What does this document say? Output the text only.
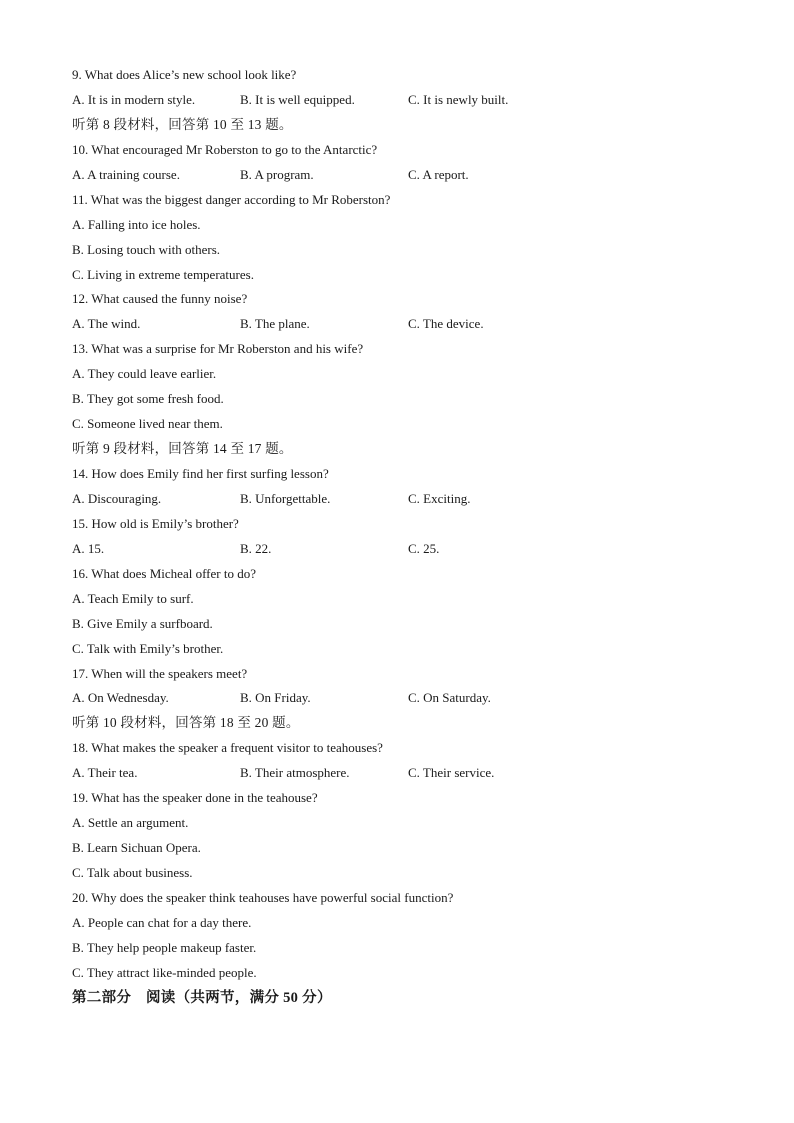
9. What does Alice’s new school look like?
A. It is in modern style.	B. It is well equipped.	C. It is newly built.
听第 8 段材料，回答第 10 至 13 题。
10. What encouraged Mr Roberston to go to the Antarctic?
A. A training course.	B. A program.	C. A report.
11. What was the biggest danger according to Mr Roberston?
A. Falling into ice holes.
B. Losing touch with others.
C. Living in extreme temperatures.
12. What caused the funny noise?
A. The wind.	B. The plane.	C. The device.
13. What was a surprise for Mr Roberston and his wife?
A. They could leave earlier.
B. They got some fresh food.
C. Someone lived near them.
听第 9 段材料，回答第 14 至 17 题。
14. How does Emily find her first surfing lesson?
A. Discouraging.	B. Unforgettable.	C. Exciting.
15. How old is Emily’s brother?
A. 15.	B. 22.	C. 25.
16. What does Micheal offer to do?
A. Teach Emily to surf.
B. Give Emily a surfboard.
C. Talk with Emily’s brother.
17. When will the speakers meet?
A. On Wednesday.	B. On Friday.	C. On Saturday.
听第 10 段材料，回答第 18 至 20 题。
18. What makes the speaker a frequent visitor to teahouses?
A. Their tea.	B. Their atmosphere.	C. Their service.
19. What has the speaker done in the teahouse?
A. Settle an argument.
B. Learn Sichuan Opera.
C. Talk about business.
20. Why does the speaker think teahouses have powerful social function?
A. People can chat for a day there.
B. They help people makeup faster.
C. They attract like-minded people.
第二部分　阅读（共两节，满分 50 分）
